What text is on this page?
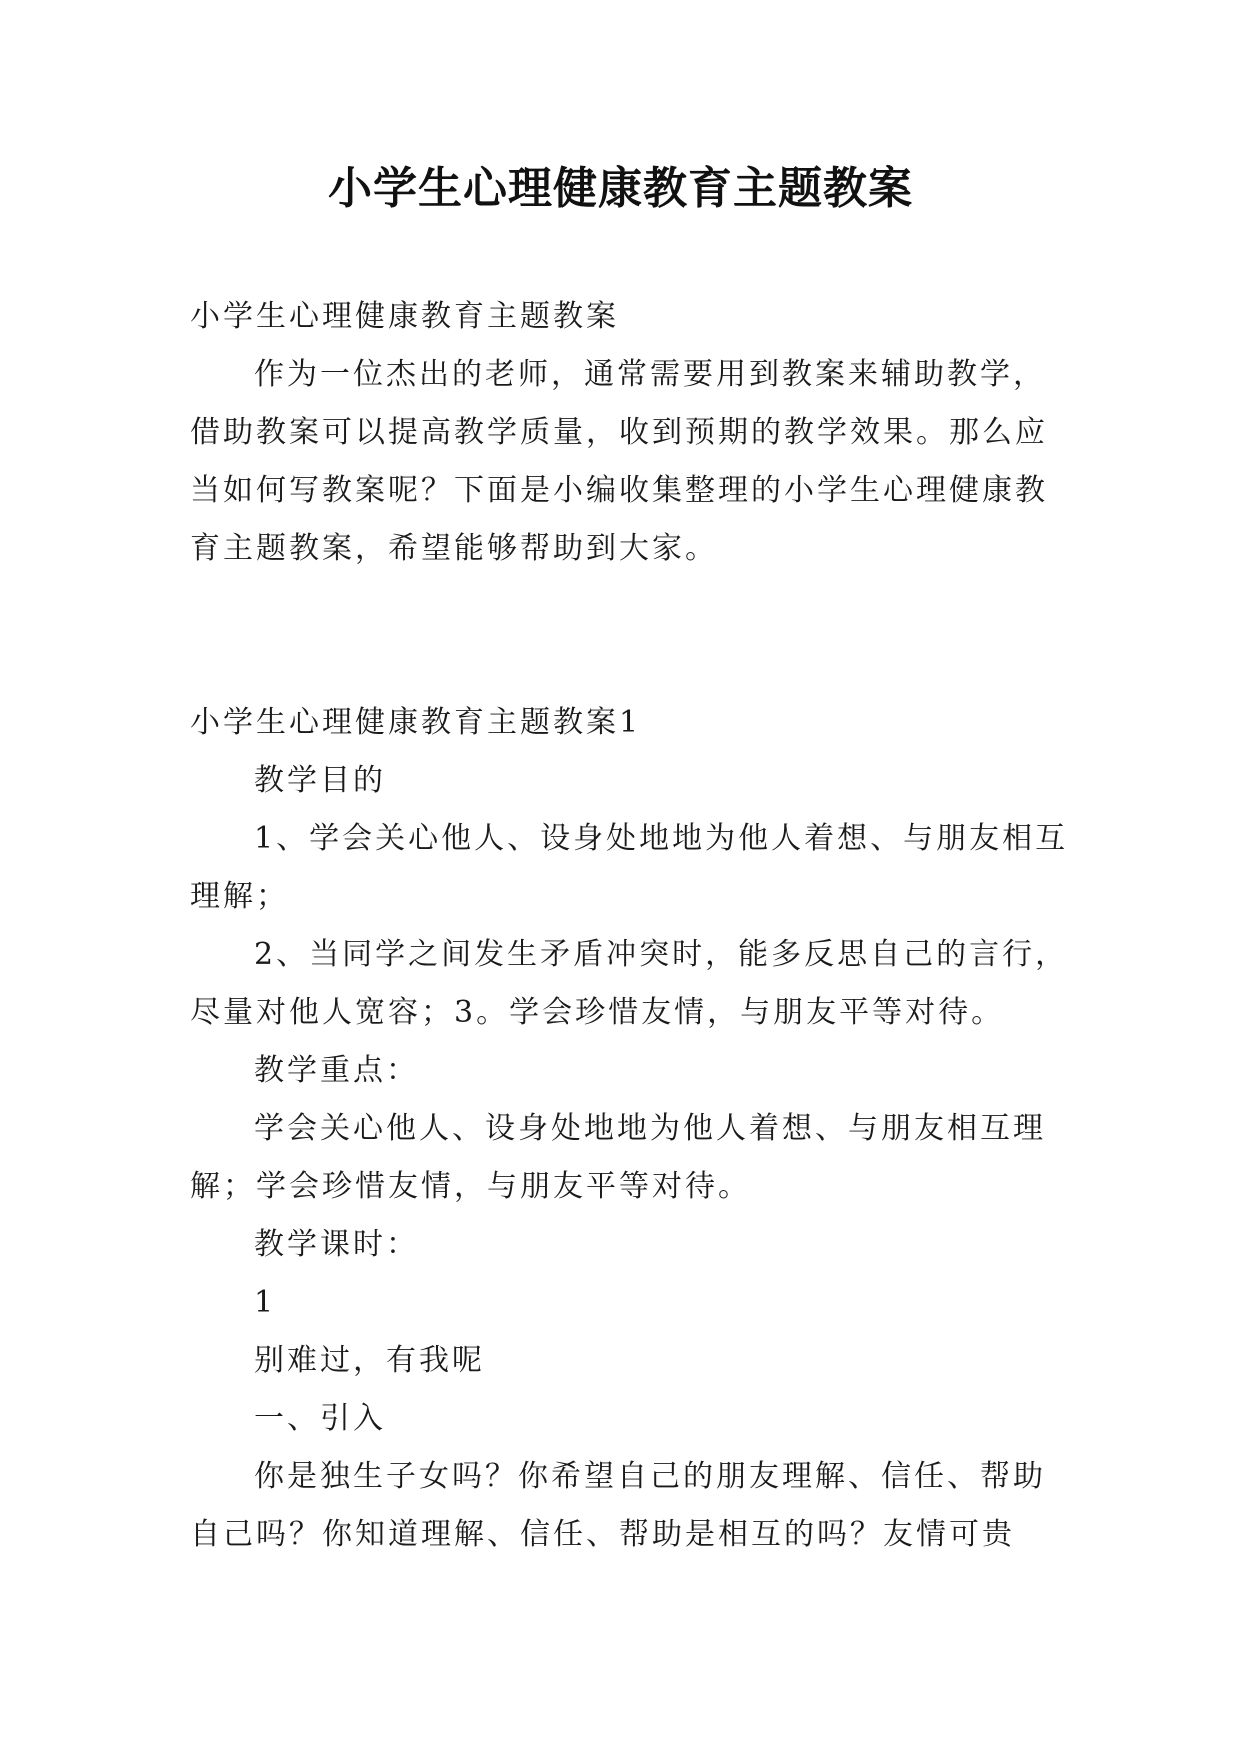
小学生心理健康教育主题教案

小学生心理健康教育主题教案

作为一位杰出的老师，通常需要用到教案来辅助教学，借助教案可以提高教学质量，收到预期的教学效果。那么应当如何写教案呢？下面是小编收集整理的小学生心理健康教育主题教案，希望能够帮助到大家。

小学生心理健康教育主题教案1

教学目的

1、学会关心他人、设身处地地为他人着想、与朋友相互理解；

2、当同学之间发生矛盾冲突时，能多反思自己的言行，尽量对他人宽容；3。学会珍惜友情，与朋友平等对待。

教学重点：

学会关心他人、设身处地地为他人着想、与朋友相互理解；学会珍惜友情，与朋友平等对待。

教学课时：

1

别难过，有我呢

一、引入

你是独生子女吗？你希望自己的朋友理解、信任、帮助自己吗？你知道理解、信任、帮助是相互的吗？友情可贵
